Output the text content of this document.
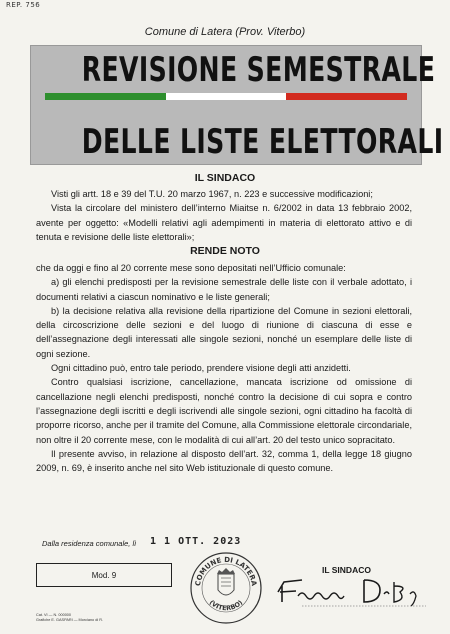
REP. 756
Comune di Latera (Prov. Viterbo)
REVISIONE SEMESTRALE
DELLE LISTE ELETTORALI
IL SINDACO

Visti gli artt. 18 e 39 del T.U. 20 marzo 1967, n. 223 e successive modificazioni;

Vista la circolare del ministero dell’interno Miaitse n. 6/2002 in data 13 febbraio 2002, avente per oggetto: «Modelli relativi agli adempimenti in materia di elettorato attivo e di tenuta e revisione delle liste elettorali»;

RENDE NOTO

che da oggi e fino al 20 corrente mese sono depositati nell’Ufficio comunale:

a) gli elenchi predisposti per la revisione semestrale delle liste con il verbale adottato, i documenti relativi a ciascun nominativo e le liste generali;

b) la decisione relativa alla revisione della ripartizione del Comune in sezioni elettorali, della circoscrizione delle sezioni e del luogo di riunione di ciascuna di esse e dell’assegnazione degli interessati alle singole sezioni, nonché un esemplare delle liste di ogni sezione.

Ogni cittadino può, entro tale periodo, prendere visione degli atti anzidetti.

Contro qualsiasi iscrizione, cancellazione, mancata iscrizione od omissione di cancellazione negli elenchi predisposti, nonché contro la decisione di cui sopra e contro l’assegnazione degli iscritti e degli iscrivendi alle singole sezioni, ogni cittadino ha facoltà di proporre ricorso, anche per il tramite del Comune, alla Commissione elettorale circondariale, non oltre il 20 corrente mese, con le modalità di cui all’art. 20 del testo unico sopracitato.

Il presente avviso, in relazione al disposto dell’art. 32, comma 1, della legge 18 giugno 2009, n. 69, è inserito anche nel sito Web istituzionale di questo comune.

Dalla residenza comunale, lì 1 1 OTT. 2023
Mod. 9
COMUNE DI LATERA
(VITERBO)
IL SINDACO
Cat. VI — N. 000000
Grafiche E. GASPARI — Morciano di R.
